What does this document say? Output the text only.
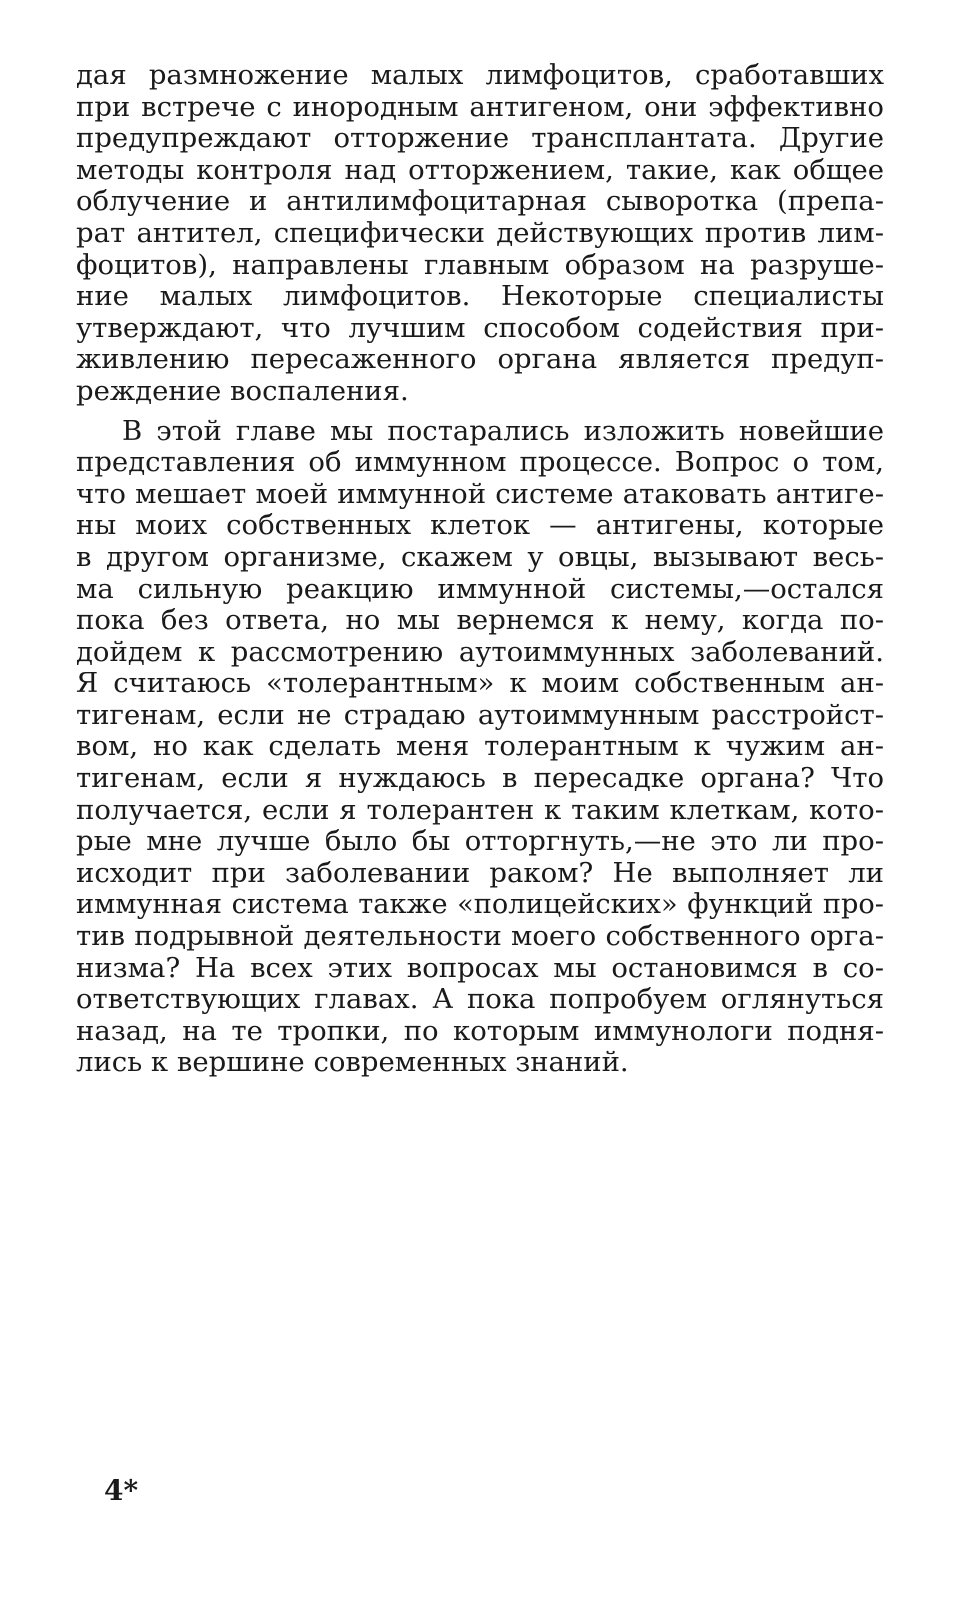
дая размножение малых лимфоцитов, сработавших
при встрече с инородным антигеном, они эффективно
предупреждают отторжение трансплантата. Другие
методы контроля над отторжением, такие, как общее
облучение и антилимфоцитарная сыворотка (препа-
рат антител, специфически действующих против лим-
фоцитов), направлены главным образом на разруше-
ние малых лимфоцитов. Некоторые специалисты
утверждают, что лучшим способом содействия при-
живлению пересаженного органа является предуп-
реждение воспаления.
В этой главе мы постарались изложить новейшие
представления об иммунном процессе. Вопрос о том,
что мешает моей иммунной системе атаковать антиге-
ны моих собственных клеток — антигены, которые
в другом организме, скажем у овцы, вызывают весь-
ма сильную реакцию иммунной системы,—остался
пока без ответа, но мы вернемся к нему, когда по-
дойдем к рассмотрению аутоиммунных заболеваний.
Я считаюсь «толерантным» к моим собственным ан-
тигенам, если не страдаю аутоиммунным расстройст-
вом, но как сделать меня толерантным к чужим ан-
тигенам, если я нуждаюсь в пересадке органа? Что
получается, если я толерантен к таким клеткам, кото-
рые мне лучше было бы отторгнуть,—не это ли про-
исходит при заболевании раком? Не выполняет ли
иммунная система также «полицейских» функций про-
тив подрывной деятельности моего собственного орга-
низма? На всех этих вопросах мы остановимся в со-
ответствующих главах. А пока попробуем оглянуться
назад, на те тропки, по которым иммунологи подня-
лись к вершине современных знаний.
4*
